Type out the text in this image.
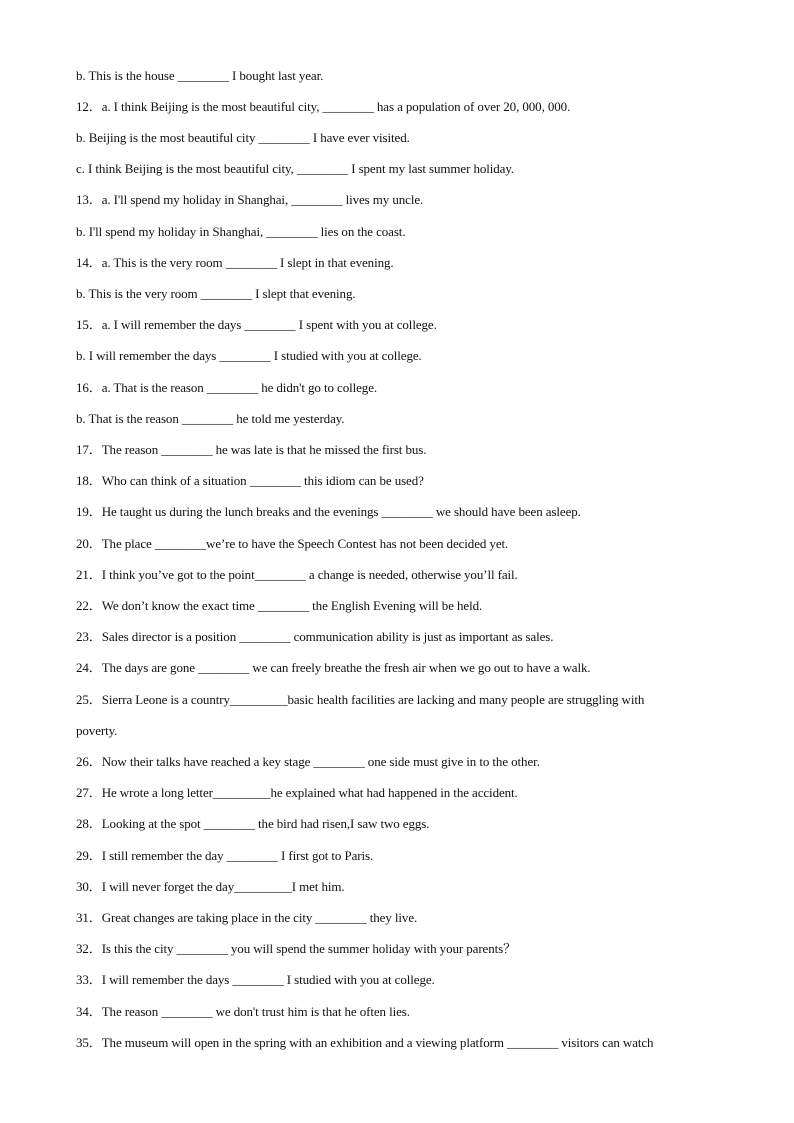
b. This is the house ________ I bought last year.
12．a. I think Beijing is the most beautiful city, ________ has a population of over 20, 000, 000.
b. Beijing is the most beautiful city ________ I have ever visited.
c. I think Beijing is the most beautiful city, ________ I spent my last summer holiday.
13．a. I'll spend my holiday in Shanghai, ________ lives my uncle.
b. I'll spend my holiday in Shanghai, ________ lies on the coast.
14．a. This is the very room ________ I slept in that evening.
b. This is the very room ________ I slept that evening.
15．a. I will remember the days ________ I spent with you at college.
b. I will remember the days ________ I studied with you at college.
16．a. That is the reason ________ he didn't go to college.
b. That is the reason ________ he told me yesterday.
17．The reason ________ he was late is that he missed the first bus.
18．Who can think of a situation ________ this idiom can be used?
19．He taught us during the lunch breaks and the evenings ________ we should have been asleep.
20．The place ________we’re to have the Speech Contest has not been decided yet.
21．I think you’ve got to the point________ a change is needed, otherwise you’ll fail.
22．We don’t know the exact time ________ the English Evening will be held.
23．Sales director is a position ________ communication ability is just as important as sales.
24．The days are gone ________ we can freely breathe the fresh air when we go out to have a walk.
25．Sierra Leone is a country_________basic health facilities are lacking and many people are struggling with
poverty.
26．Now their talks have reached a key stage ________ one side must give in to the other.
27．He wrote a long letter_________he explained what had happened in the accident.
28．Looking at the spot ________ the bird had risen,I saw two eggs.
29．I still remember the day ________ I first got to Paris.
30．I will never forget the day_________I met him.
31．Great changes are taking place in the city ________ they live.
32．Is this the city ________ you will spend the summer holiday with your parents？
33．I will remember the days ________ I studied with you at college.
34．The reason ________ we don't trust him is that he often lies.
35．The museum will open in the spring with an exhibition and a viewing platform ________ visitors can watch
